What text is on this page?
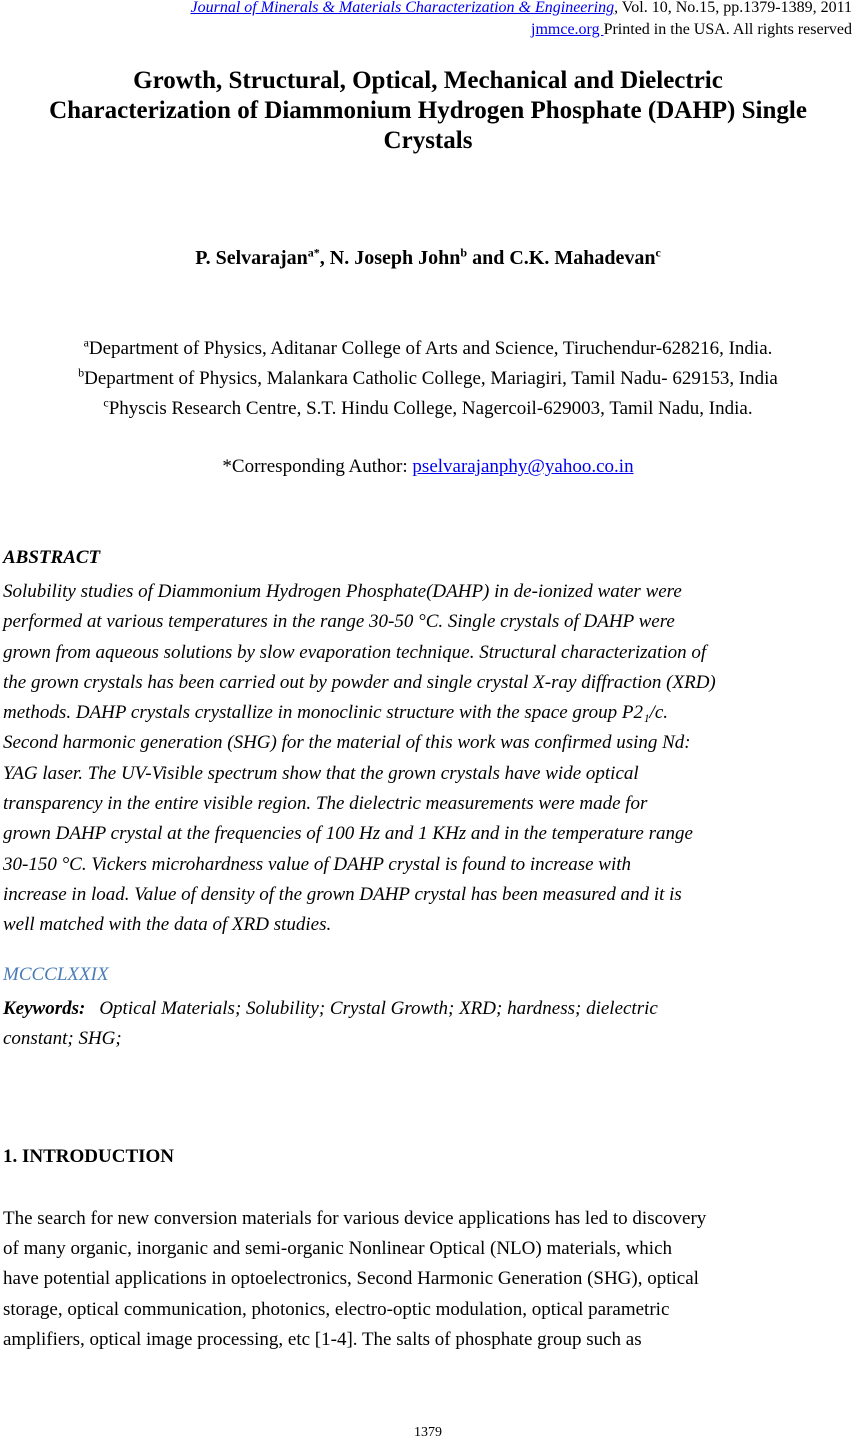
Journal of Minerals & Materials Characterization & Engineering, Vol. 10, No.15, pp.1379-1389, 2011
jmmce.org Printed in the USA. All rights reserved
Growth, Structural, Optical, Mechanical and Dielectric
Characterization of Diammonium Hydrogen Phosphate (DAHP) Single
Crystals
P. Selvarajan$^{a*}$, N. Joseph John$^b$ and C.K. Mahadevan$^c$
$^a$Department of Physics, Aditanar College of Arts and Science, Tiruchendur-628216, India.
$^b$Department of Physics, Malankara Catholic College, Mariagiri, Tamil Nadu- 629153, India
$^c$Physcis Research Centre, S.T. Hindu College, Nagercoil-629003, Tamil Nadu, India.
*Corresponding Author: pselvarajanphy@yahoo.co.in
ABSTRACT
Solubility studies of Diammonium Hydrogen Phosphate(DAHP) in de-ionized water were
performed at various temperatures in the range 30-50 °C. Single crystals of DAHP were
grown from aqueous solutions by slow evaporation technique. Structural characterization of
the grown crystals has been carried out by powder and single crystal X-ray diffraction (XRD)
methods. DAHP crystals crystallize in monoclinic structure with the space group P2₁/c.
Second harmonic generation (SHG) for the material of this work was confirmed using Nd:
YAG laser. The UV-Visible spectrum show that the grown crystals have wide optical
transparency in the entire visible region. The dielectric measurements were made for
grown DAHP crystal at the frequencies of 100 Hz and 1 KHz and in the temperature range
30-150 °C. Vickers microhardness value of DAHP crystal is found to increase with
increase in load. Value of density of the grown DAHP crystal has been measured and it is
well matched with the data of XRD studies.
MCCCLXXIX
Keywords: Optical Materials; Solubility; Crystal Growth; XRD; hardness; dielectric
constant; SHG;
1. INTRODUCTION
The search for new conversion materials for various device applications has led to discovery
of many organic, inorganic and semi-organic Nonlinear Optical (NLO) materials, which
have potential applications in optoelectronics, Second Harmonic Generation (SHG), optical
storage, optical communication, photonics, electro-optic modulation, optical parametric
amplifiers, optical image processing, etc [1-4]. The salts of phosphate group such as
1379
